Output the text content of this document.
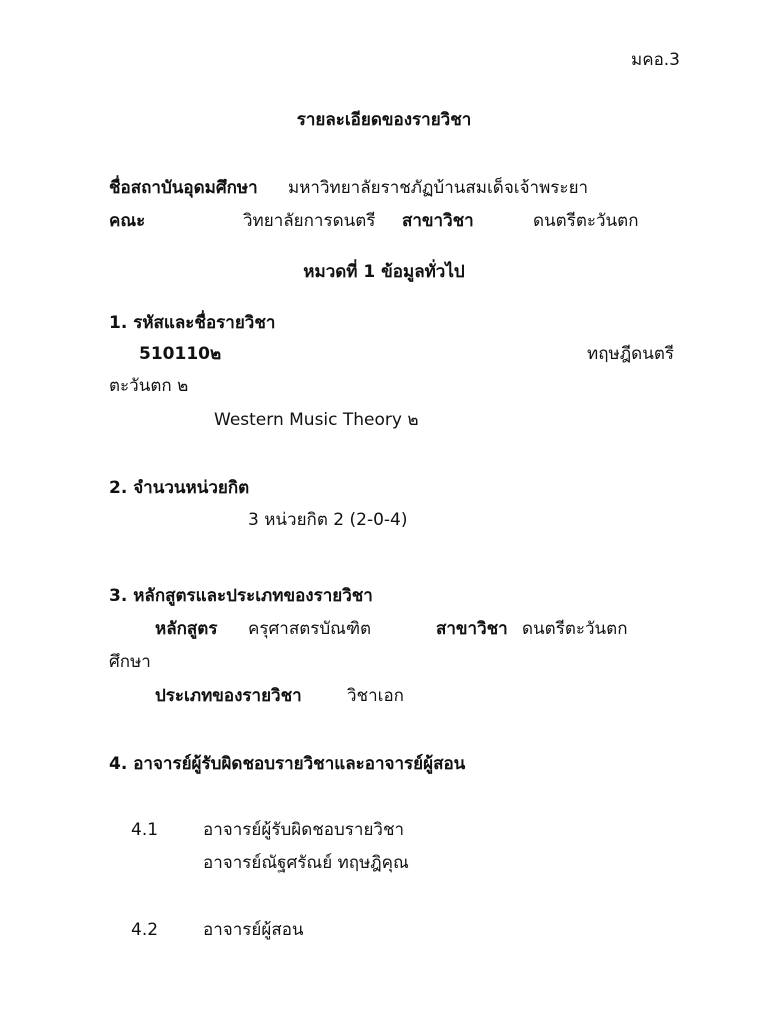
มคอ.3
รายละเอียดของรายวิชา
ชื่อสถาบันอุดมศึกษา มหาวิทยาลัยราชภัฏบ้านสมเด็จเจ้าพระยา
คณะ	วิทยาลัยการดนตรี สาขาวิชา	ดนตรีตะวันตก
หมวดที่ 1 ข้อมูลทั่วไป
1. รหัสและชื่อรายวิชา
510110๒	ทฤษฎีดนตรี
ตะวันตก ๒
Western Music Theory ๒
2. จำนวนหน่วยกิต
3 หน่วยกิต 2 (2-0-4)
3. หลักสูตรและประเภทของรายวิชา
หลักสูตร ครุศาสตรบัณฑิต	สาขาวิชา ดนตรีตะวันตก
ศึกษา
ประเภทของรายวิชา	วิชาเอก
4. อาจารย์ผู้รับผิดชอบรายวิชาและอาจารย์ผู้สอน
4.1	อาจารย์ผู้รับผิดชอบรายวิชา
อาจารย์ณัฐศรัณย์ ทฤษฎิคุณ
4.2	อาจารย์ผู้สอน
